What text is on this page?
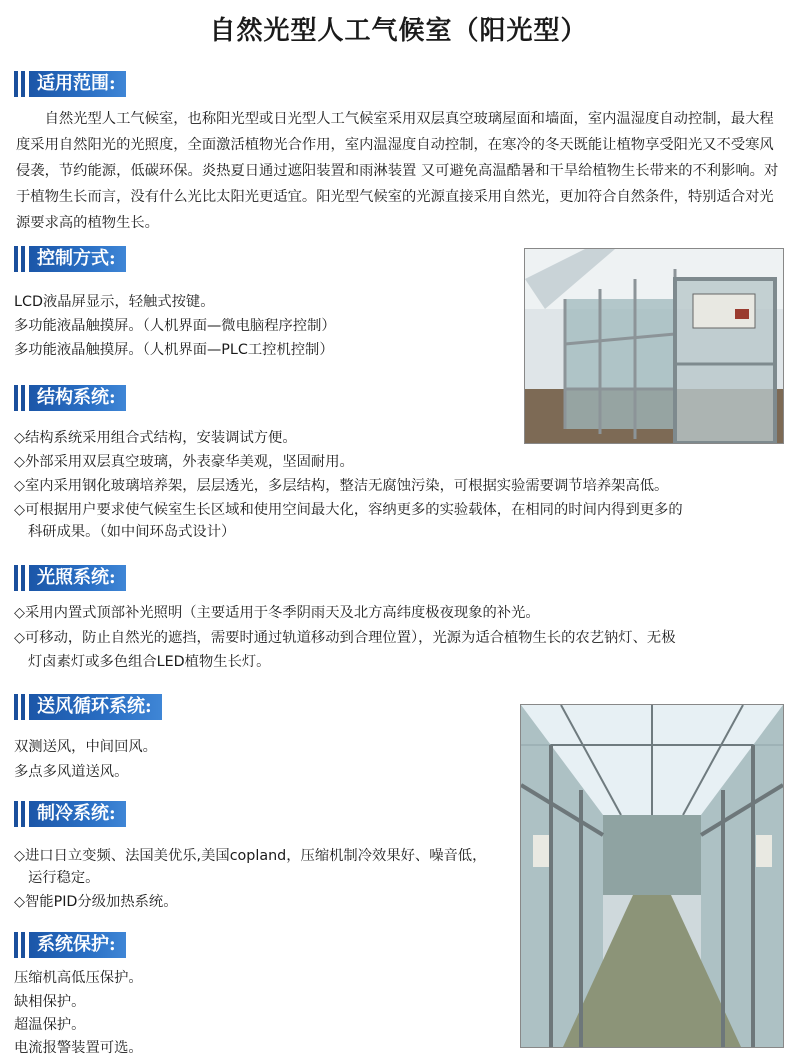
自然光型人工气候室（阳光型）
适用范围:
自然光型人工气候室，也称阳光型或日光型人工气候室采用双层真空玻璃屋面和墙面，室内温湿度自动控制，最大程度采用自然阳光的光照度，全面激活植物光合作用，室内温湿度自动控制，在寒冷的冬天既能让植物享受阳光又不受寒风侵袭，节约能源，低碳环保。炎热夏日通过遮阳装置和雨淋装置 又可避免高温酷暑和干旱给植物生长带来的不利影响。对于植物生长而言，没有什么光比太阳光更适宜。阳光型气候室的光源直接采用自然光，更加符合自然条件，特别适合对光源要求高的植物生长。
控制方式:
LCD液晶屏显示，轻触式按键。
多功能液晶触摸屏。（人机界面—微电脑程序控制）
多功能液晶触摸屏。（人机界面—PLC工控机控制）
结构系统:
◇结构系统采用组合式结构，安装调试方便。
◇外部采用双层真空玻璃，外表豪华美观，坚固耐用。
◇室内采用钢化玻璃培养架，层层透光，多层结构，整洁无腐蚀污染，可根据实验需要调节培养架高低。
◇可根据用户要求使气候室生长区域和使用空间最大化，容纳更多的实验载体，在相同的时间内得到更多的
科研成果。（如中间环岛式设计）
光照系统:
◇采用内置式顶部补光照明（主要适用于冬季阴雨天及北方高纬度极夜现象的补光。
◇可移动，防止自然光的遮挡，需要时通过轨道移动到合理位置），光源为适合植物生长的农艺钠灯、无极
灯卤素灯或多色组合LED植物生长灯。
送风循环系统:
双测送风，中间回风。
多点多风道送风。
制冷系统:
◇进口日立变频、法国美优乐,美国copland，压缩机制冷效果好、噪音低，
运行稳定。
◇智能PID分级加热系统。
系统保护:
压缩机高低压保护。
缺相保护。
超温保护。
电流报警装置可选。
